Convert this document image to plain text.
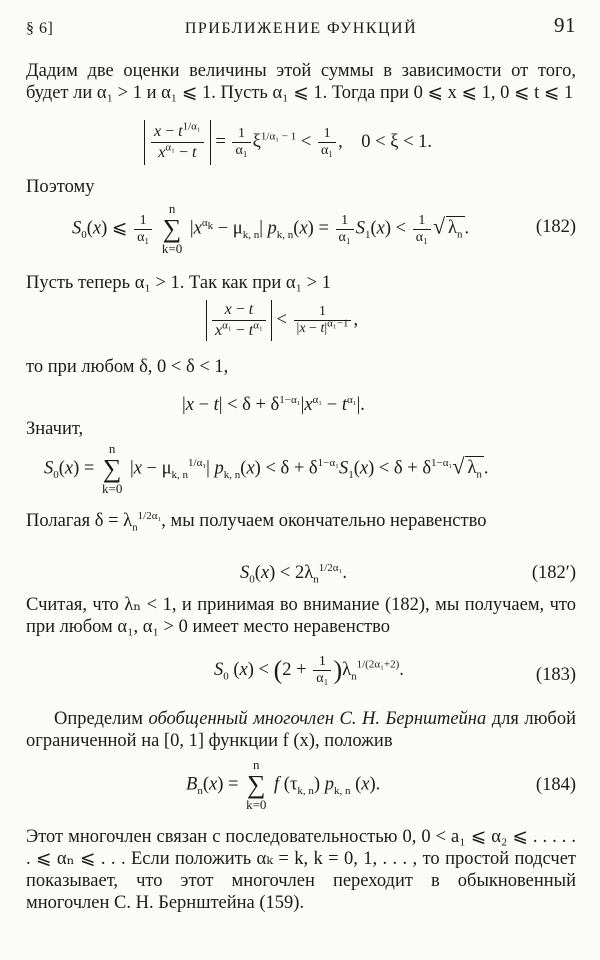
§ 6]	ПРИБЛИЖЕНИЕ ФУНКЦИЙ	91
Дадим две оценки величины этой суммы в зависимости от того, будет ли α₁ > 1 и α₁ ⩽ 1. Пусть α₁ ⩽ 1. Тогда при 0 ⩽ x ⩽ 1, 0 ⩽ t ⩽ 1
$\frac{x - t^{1/\alpha_1}}{x^{\alpha_1} - t} = \frac{1}{\text{α₁}} \xi^{1/\alpha_1 - 1} < \frac{1}{\text{α₁}}$ ,    0 < ξ < 1.
Поэтому
$S_0(x)$ ⩽ $\frac{1}{\text{α₁}}$
n
∑
k=0 $|x^{\alpha_k} - \mu_{k, n}|$ $p_{k, n}(x) = \frac{1}{\text{α₁}} S_1(x) < \frac{1}{\text{α₁}}$ √ $\lambda_n$ .	(182)
Пусть теперь α₁ > 1. Так как при α₁ > 1
$\frac{x - t}{x^{\alpha_1} - t^{\alpha_1}} < \frac{1}{|x - t|^{\alpha_1-1}}$ ,
то при любом δ, 0 < δ < 1,
$|x - t| < \delta + \delta^{1-\alpha_1}|x^{\alpha_1} - t^{\alpha_1}|$.
Значит,
$S_0(x) = n$
∑
k=0 $|x - \mu_{k, n}^{1/\alpha_1}|$ $p_{k, n}(x) < \delta + \delta^{1-\alpha_1}S_1(x) < \delta + \delta^{1-\alpha_1}√$ $\lambda_n$ .
Полагая $\delta = \lambda_n^{1/2\alpha_1}$, мы получаем окончательно неравенство
$S_0(x) < 2\lambda_n^{1/2\alpha_1}$.	(182′)
Считая, что λₙ < 1, и принимая во внимание (182), мы получаем, что при любом α₁, α₁ > 0 имеет место неравенство
$S_0$ $(x) < (2 + \frac{1}{\text{α₁}} )\lambda_n^{1/(2\alpha_1+2)}$.	(183)
Определим обобщенный многочлен С. Н. Бернштейна для любой ограниченной на [0, 1] функции f (x), положив
$B_n(x) = n$
∑
k=0 f $(\tau_{k, n})$ $p_{k, n}$ (x).	(184)
Этот многочлен связан с последовательностью 0, 0 < a₁ ⩽ α₂ ⩽ . . . . . . ⩽ αₙ ⩽ . . . Если положить αₖ = k, k = 0, 1, . . . , то простой подсчет показывает, что этот многочлен переходит в обыкновенный многочлен С. Н. Бернштейна (159).
